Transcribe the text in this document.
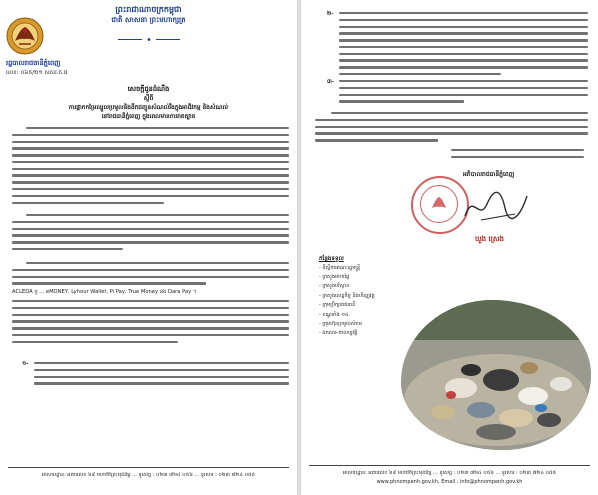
ព្រះរាជាណាចក្រកម្ពុជា
ជាតិ សាសនា ព្រះមហាក្សត្រ
រដ្ឋបាលរាជធានីភ្នំពេញ
លេខ: ០៦៥/២១ សសរ.ភ.ផ
សេចក្ដីជូនដំណឹង
ស្ដីពី
ការផ្អាកកម្រៃឈ្នួលប្រមូលនិងដឹកជញ្ជូនសំណល់រឹងក្នុងអាជីវកម្ម និងសំណល់
នៅរាជធានីភ្នំពេញ ក្នុងពេលមានការរាតត្បាត
ACLEDA ឬ ... eMONEY, Lyhour Wallet, Pi Pay, True Money និង Dara Pay ។
១-
អាសយដ្ឋាន: អគារលេខ ៦៩ មហាវិថីព្រះមុនីវង្ស ... ទូរស័ព្ទ : ០២៣ ៧២៤ ០៥៦ ... ទូរសារ : ០២៣ ៧២៤ ០៥៥
២-
៣-
អភិបាលរាជធានីភ្នំពេញ
ឃួង ស្រេង
កន្លែងទទួល
- ទីស្ដីការគណៈរដ្ឋមន្ត្រី
- ក្រសួងមហាផ្ទៃ
- ក្រសួងបរិស្ថាន
- ក្រសួងសេដ្ឋកិច្ច និងហិរញ្ញវត្ថុ
- ក្រុមប្រឹក្សារាជធានី
- ខណ្ឌទាំង ១៤
- ក្រុមហ៊ុនប្រមូលសំរាម
- ឯកសារ-កាលប្បវត្តិ
អាសយដ្ឋាន: អគារលេខ ៦៩ មហាវិថីព្រះមុនីវង្ស ... ទូរស័ព្ទ : ០២៣ ៧២៤ ០៥៦ ... ទូរសារ : ០២៣ ៧២៤ ០៥៥
www.phnompenh.gov.kh, Email : info@phnompenh.gov.kh
